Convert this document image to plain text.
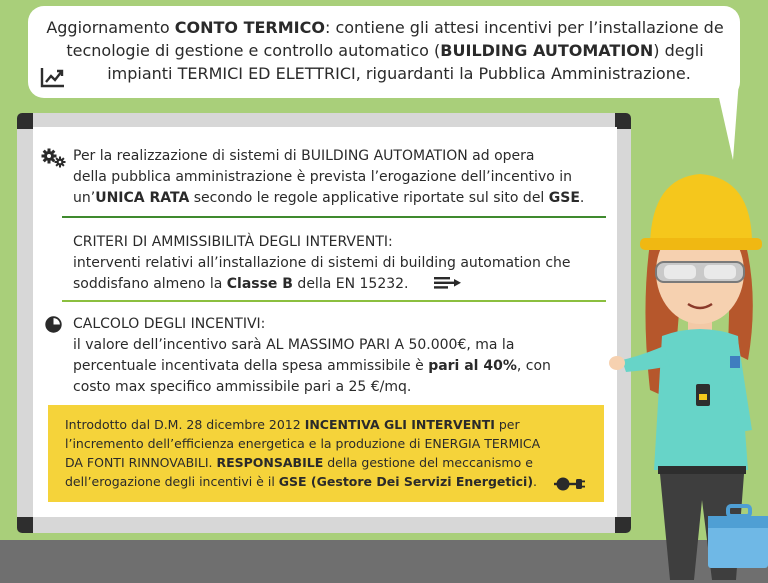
Aggiornamento CONTO TERMICO: contiene gli attesi incentivi per l’installazione de
tecnologie di gestione e controllo automatico (BUILDING AUTOMATION) degli
impianti TERMICI ED ELETTRICI, riguardanti la Pubblica Amministrazione.
Per la realizzazione di sistemi di BUILDING AUTOMATION ad opera
della pubblica amministrazione è prevista l’erogazione dell’incentivo in
un’UNICA RATA secondo le regole applicative riportate sul sito del GSE.
CRITERI DI AMMISSIBILITÀ DEGLI INTERVENTI:
interventi relativi all’installazione di sistemi di building automation che
soddisfano almeno la Classe B della EN 15232.
CALCOLO DEGLI INCENTIVI:
il valore dell’incentivo sarà AL MASSIMO PARI A 50.000€, ma la
percentuale incentivata della spesa ammissibile è pari al 40%, con
costo max specifico ammissibile pari a 25 €/mq.
Introdotto dal D.M. 28 dicembre 2012 INCENTIVA GLI INTERVENTI per
l’incremento dell’efficienza energetica e la produzione di ENERGIA TERMICA
DA FONTI RINNOVABILI. RESPONSABILE della gestione del meccanismo e
dell’erogazione degli incentivi è il GSE (Gestore Dei Servizi Energetici).
